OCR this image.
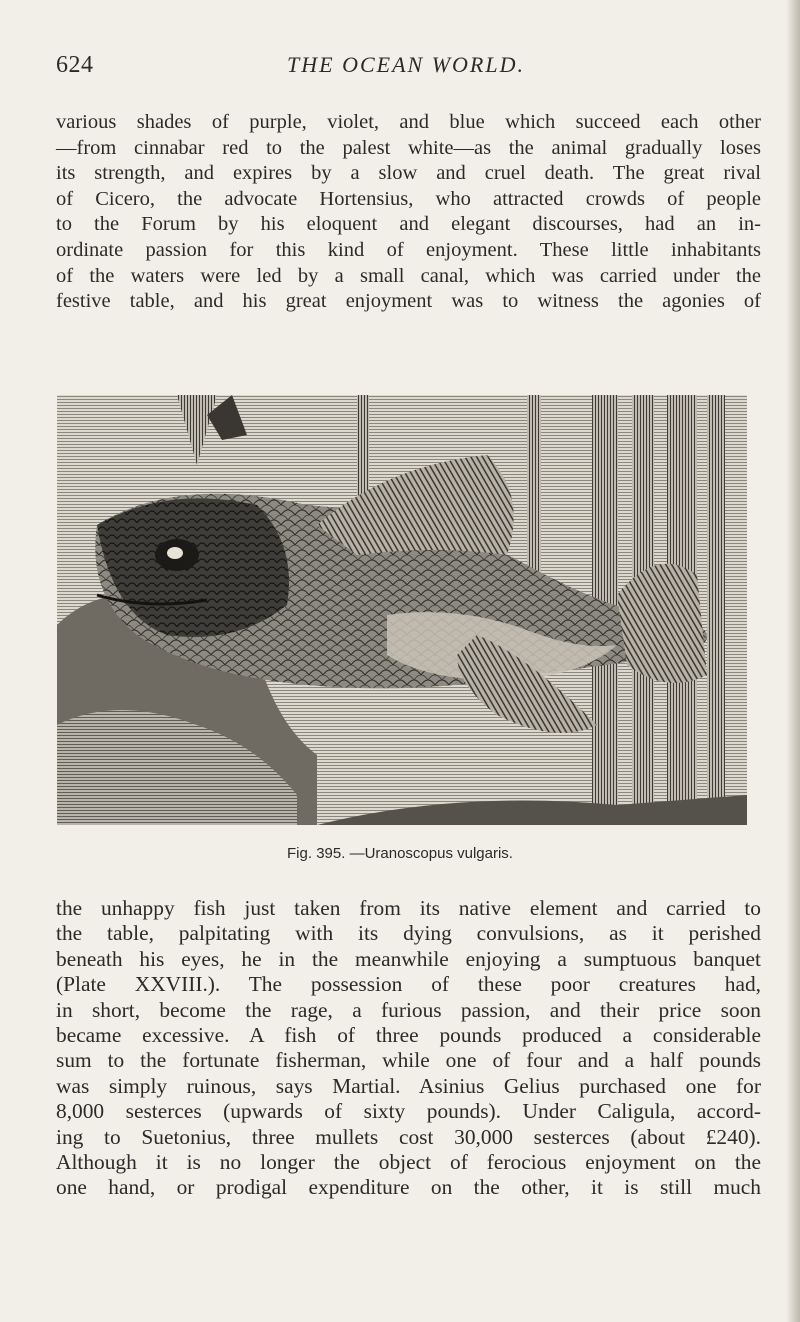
624	THE OCEAN WORLD.
various shades of purple, violet, and blue which succeed each other
—from cinnabar red to the palest white—as the animal gradually loses
its strength, and expires by a slow and cruel death. The great rival
of Cicero, the advocate Hortensius, who attracted crowds of people
to the Forum by his eloquent and elegant discourses, had an in-
ordinate passion for this kind of enjoyment. These little inhabitants
of the waters were led by a small canal, which was carried under the
festive table, and his great enjoyment was to witness the agonies of
Fig. 395. —Uranoscopus vulgaris.
the unhappy fish just taken from its native element and carried to
the table, palpitating with its dying convulsions, as it perished
beneath his eyes, he in the meanwhile enjoying a sumptuous banquet
(Plate XXVIII.). The possession of these poor creatures had,
in short, become the rage, a furious passion, and their price soon
became excessive. A fish of three pounds produced a considerable
sum to the fortunate fisherman, while one of four and a half pounds
was simply ruinous, says Martial. Asinius Gelius purchased one for
8,000 sesterces (upwards of sixty pounds). Under Caligula, accord-
ing to Suetonius, three mullets cost 30,000 sesterces (about £240).
Although it is no longer the object of ferocious enjoyment on the
one hand, or prodigal expenditure on the other, it is still much
